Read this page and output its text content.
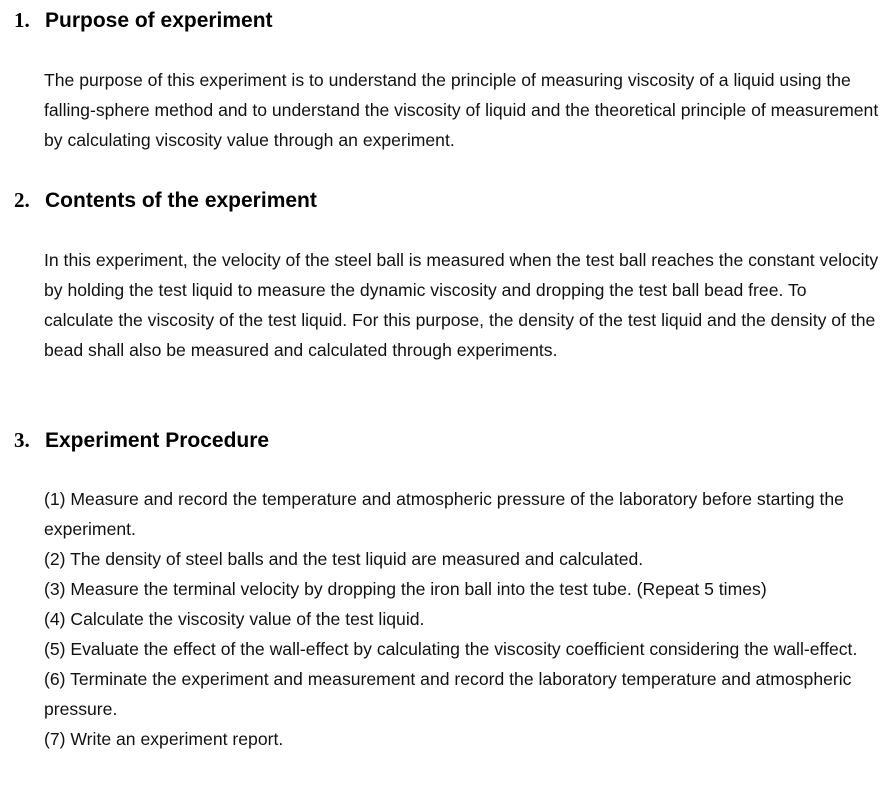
1. Purpose of experiment

The purpose of this experiment is to understand the principle of measuring viscosity of a liquid using the falling-sphere method and to understand the viscosity of liquid and the theoretical principle of measurement by calculating viscosity value through an experiment.

2. Contents of the experiment

In this experiment, the velocity of the steel ball is measured when the test ball reaches the constant velocity by holding the test liquid to measure the dynamic viscosity and dropping the test ball bead free. To calculate the viscosity of the test liquid. For this purpose, the density of the test liquid and the density of the bead shall also be measured and calculated through experiments.

3. Experiment Procedure
(1) Measure and record the temperature and atmospheric pressure of the laboratory before starting the experiment.
(2) The density of steel balls and the test liquid are measured and calculated.
(3) Measure the terminal velocity by dropping the iron ball into the test tube. (Repeat 5 times)
(4) Calculate the viscosity value of the test liquid.
(5) Evaluate the effect of the wall-effect by calculating the viscosity coefficient considering the wall-effect.
(6) Terminate the experiment and measurement and record the laboratory temperature and atmospheric pressure.
(7) Write an experiment report.
